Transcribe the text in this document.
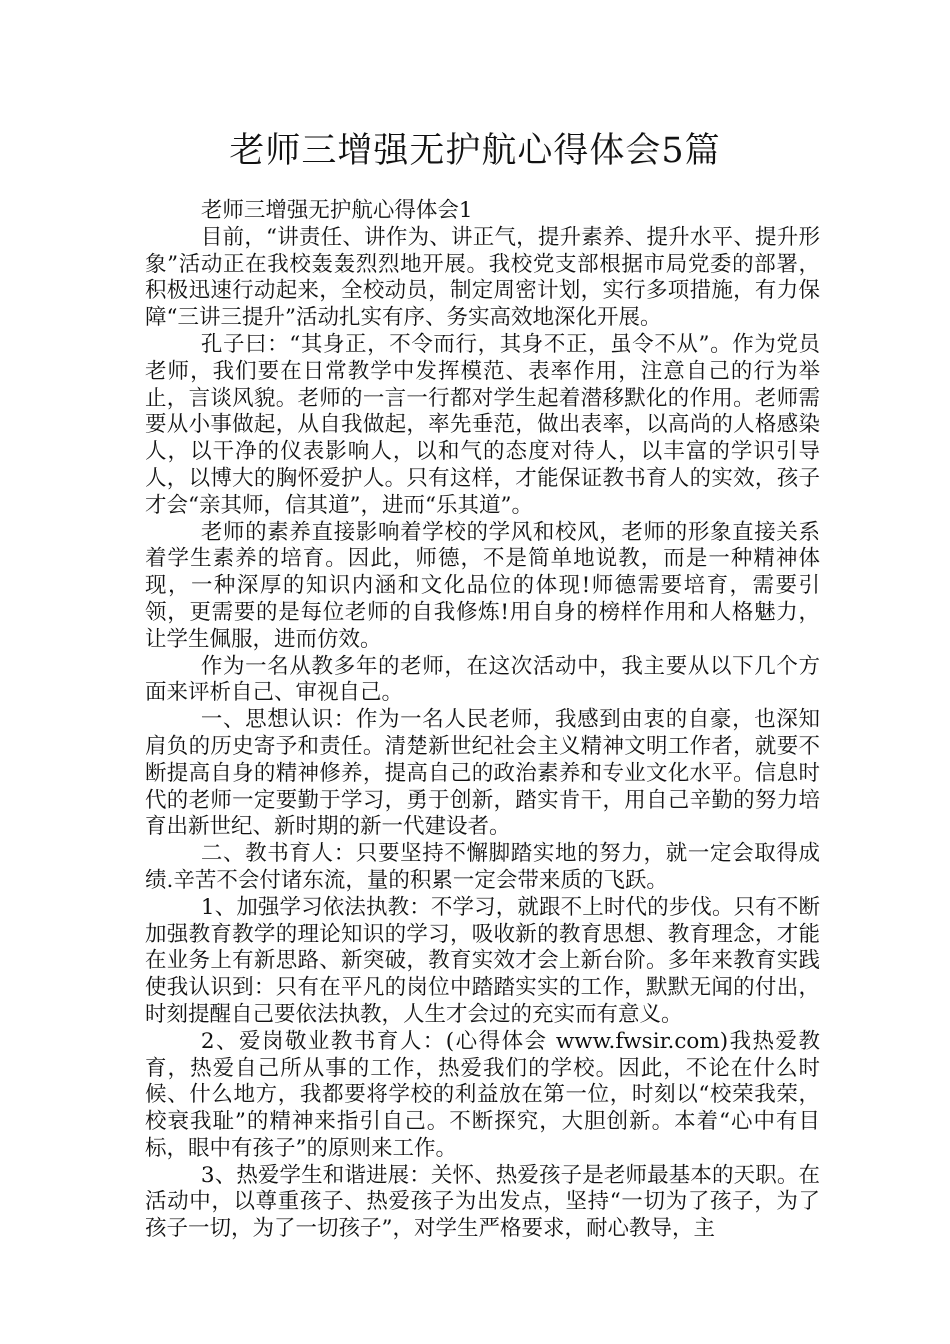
老师三增强无护航心得体会5篇

老师三增强无护航心得体会1

目前，“讲责任、讲作为、讲正气，提升素养、提升水平、提升形象”活动正在我校轰轰烈烈地开展。我校党支部根据市局党委的部署，积极迅速行动起来，全校动员，制定周密计划，实行多项措施，有力保障“三讲三提升”活动扎实有序、务实高效地深化开展。

孔子曰：“其身正，不令而行，其身不正，虽令不从”。作为党员老师，我们要在日常教学中发挥模范、表率作用，注意自己的行为举止，言谈风貌。老师的一言一行都对学生起着潜移默化的作用。老师需要从小事做起，从自我做起，率先垂范，做出表率，以高尚的人格感染人，以干净的仪表影响人，以和气的态度对待人，以丰富的学识引导人，以博大的胸怀爱护人。只有这样，才能保证教书育人的实效，孩子才会“亲其师，信其道”，进而“乐其道”。

老师的素养直接影响着学校的学风和校风，老师的形象直接关系着学生素养的培育。因此，师德，不是简单地说教，而是一种精神体现，一种深厚的知识内涵和文化品位的体现!师德需要培育，需要引领，更需要的是每位老师的自我修炼!用自身的榜样作用和人格魅力，让学生佩服，进而仿效。

作为一名从教多年的老师，在这次活动中，我主要从以下几个方面来评析自己、审视自己。

一、思想认识：作为一名人民老师，我感到由衷的自豪，也深知肩负的历史寄予和责任。清楚新世纪社会主义精神文明工作者，就要不断提高自身的精神修养，提高自己的政治素养和专业文化水平。信息时代的老师一定要勤于学习，勇于创新，踏实肯干，用自己辛勤的努力培育出新世纪、新时期的新一代建设者。

二、教书育人：只要坚持不懈脚踏实地的努力，就一定会取得成绩.辛苦不会付诸东流，量的积累一定会带来质的飞跃。

1、加强学习依法执教：不学习，就跟不上时代的步伐。只有不断加强教育教学的理论知识的学习，吸收新的教育思想、教育理念，才能在业务上有新思路、新突破，教育实效才会上新台阶。多年来教育实践使我认识到：只有在平凡的岗位中踏踏实实的工作，默默无闻的付出，时刻提醒自己要依法执教，人生才会过的充实而有意义。

2、爱岗敬业教书育人：(心得体会 www.fwsir.com)我热爱教育，热爱自己所从事的工作，热爱我们的学校。因此，不论在什么时候、什么地方，我都要将学校的利益放在第一位，时刻以“校荣我荣，校衰我耻”的精神来指引自己。不断探究，大胆创新。本着“心中有目标，眼中有孩子”的原则来工作。

3、热爱学生和谐进展：关怀、热爱孩子是老师最基本的天职。在活动中，以尊重孩子、热爱孩子为出发点，坚持“一切为了孩子，为了孩子一切，为了一切孩子”，对学生严格要求，耐心教导，主
